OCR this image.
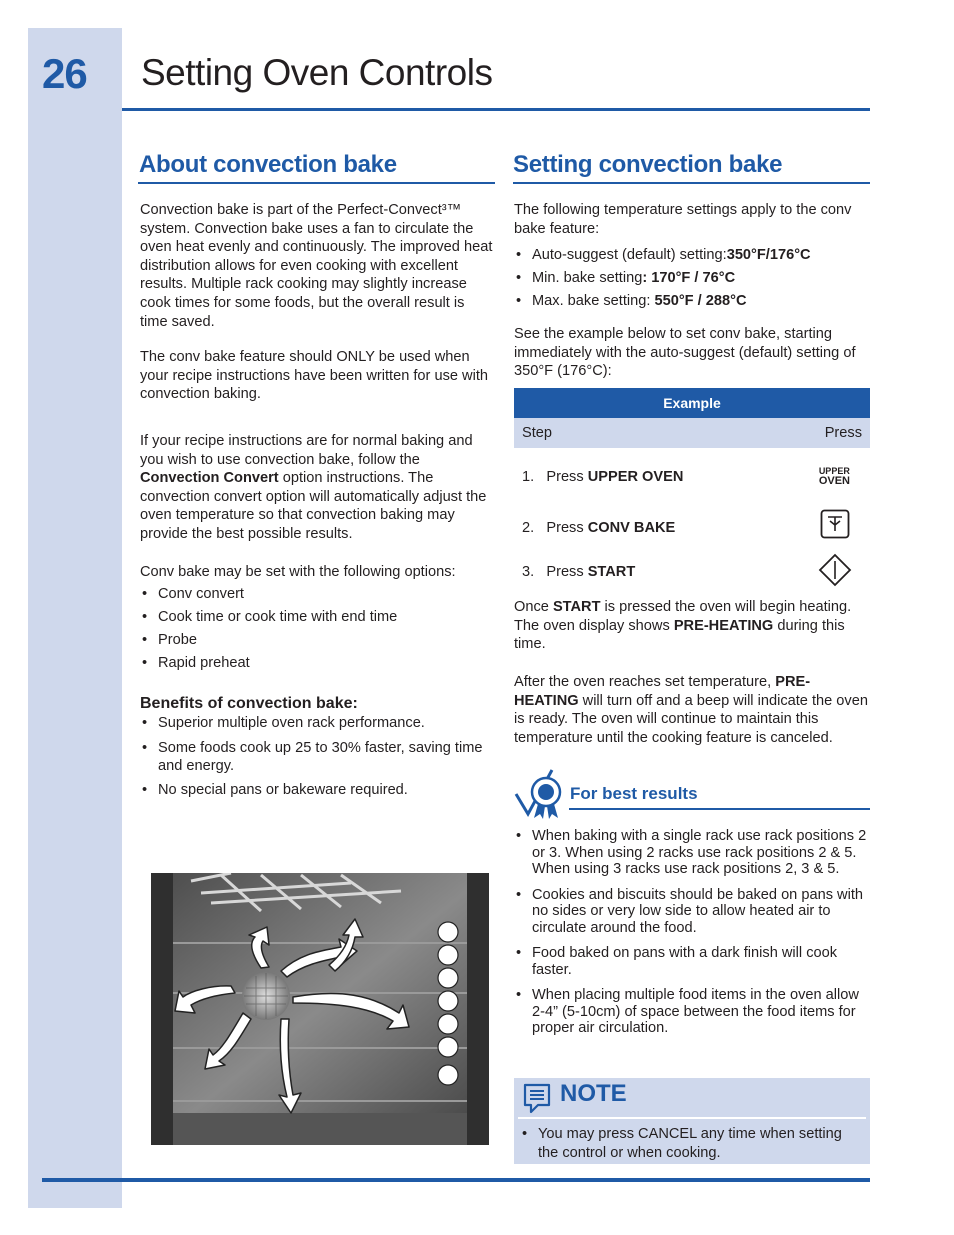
26 Setting Oven Controls
About convection bake

Convection bake is part of the Perfect-Convect³™ system. Convection bake uses a fan to circulate the oven heat evenly and continuously. The improved heat distribution allows for even cooking with excellent results. Multiple rack cooking may slightly increase cook times for some foods, but the overall result is time saved.

The conv bake feature should ONLY be used when your recipe instructions have been written for use with convection baking.

If your recipe instructions are for normal baking and you wish to use convection bake, follow the Convection Convert option instructions. The convection convert option will automatically adjust the oven temperature so that convection baking may provide the best possible results.

Conv bake may be set with the following options:

• Conv convert
• Cook time or cook time with end time
• Probe
• Rapid preheat
Benefits of convection bake:
• Superior multiple oven rack performance.
• Some foods cook up 25 to 30% faster, saving time and energy.
• No special pans or bakeware required.
Setting convection bake

The following temperature settings apply to the conv bake feature:

• Auto-suggest (default) setting:350°F/176°C
• Min. bake setting: 170°F / 76°C
• Max. bake setting: 550°F / 288°C

See the example below to set conv bake, starting immediately with the auto-suggest (default) setting of 350°F (176°C):

Example	
Step	Press
1. Press UPPER OVEN	UPPER
OVEN

2. Press CONV BAKE	
3. Press START	

Once START is pressed the oven will begin heating. The oven display shows PRE-HEATING during this time.

After the oven reaches set temperature, PRE-HEATING will turn off and a beep will indicate the oven is ready. The oven will continue to maintain this temperature until the cooking feature is canceled.

For best results
• When baking with a single rack use rack positions 2 or 3. When using 2 racks use rack positions 2 & 5. When using 3 racks use rack positions 2, 3 & 5.
• Cookies and biscuits should be baked on pans with no sides or very low side to allow heated air to circulate around the food.
• Food baked on pans with a dark finish will cook faster.
• When placing multiple food items in the oven allow 2-4” (5-10cm) of space between the food items for proper air circulation.
NOTE
• You may press CANCEL any time when setting the control or when cooking.
